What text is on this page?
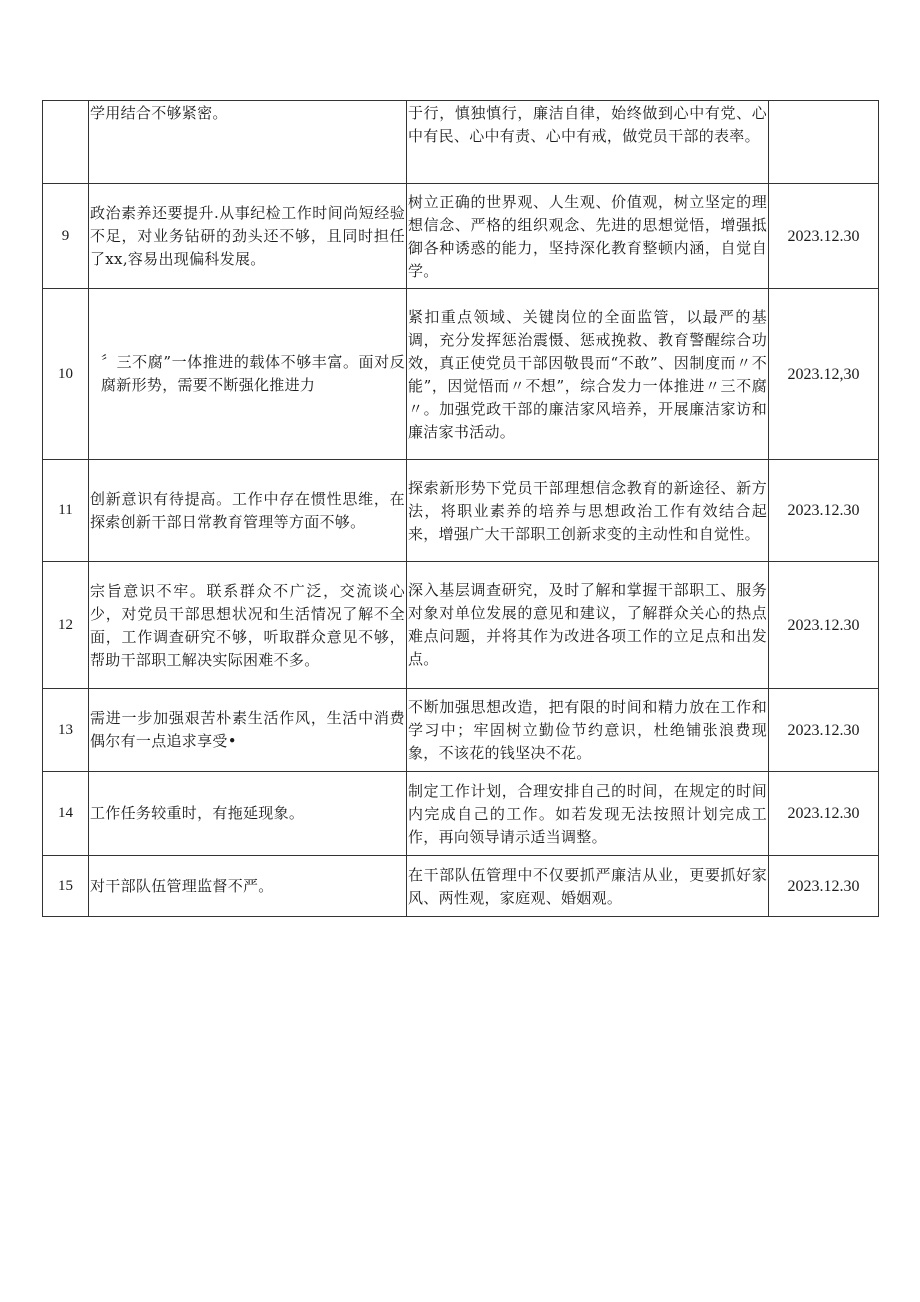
	学用结合不够紧密。	于行，慎独慎行，廉洁自律，始终做到心中有党、心中有民、心中有责、心中有戒，做党员干部的表率。	

9	政治素养还要提升.从事纪检工作时间尚短经验不足，对业务钻研的劲头还不够，且同时担任了xx,容易出现偏科发展。	树立正确的世界观、人生观、价值观，树立坚定的理想信念、严格的组织观念、先进的思想觉悟，增强抵御各种诱惑的能力，坚持深化教育整顿内涵，自觉自学。	2023.12.30
10	〞三不腐”一体推进的载体不够丰富。面对反腐新形势，需要不断强化推进力	紧扣重点领域、关键岗位的全面监管，以最严的基调，充分发挥惩治震慑、惩戒挽救、教育警醒综合功效，真正使党员干部因敬畏而“不敢”、因制度而〃不能”，因觉悟而〃不想”，综合发力一体推进〃三不腐〃。加强党政干部的廉洁家风培养，开展廉洁家访和廉洁家书活动。	2023.12,30
11	创新意识有待提高。工作中存在惯性思维，在探索创新干部日常教育管理等方面不够。	探索新形势下党员干部理想信念教育的新途径、新方法，将职业素养的培养与思想政治工作有效结合起来，增强广大干部职工创新求变的主动性和自觉性。	2023.12.30
12	宗旨意识不牢。联系群众不广泛，交流谈心少，对党员干部思想状况和生活情况了解不全面，工作调查研究不够，听取群众意见不够，帮助干部职工解决实际困难不多。	深入基层调查研究，及时了解和掌握干部职工、服务对象对单位发展的意见和建议，了解群众关心的热点难点问题，并将其作为改进各项工作的立足点和出发点。	2023.12.30
13	需进一步加强艰苦朴素生活作风，生活中消费偶尔有一点追求享受•	不断加强思想改造，把有限的时间和精力放在工作和学习中；牢固树立勤俭节约意识，杜绝铺张浪费现象，不该花的钱坚决不花。	2023.12.30
14	工作任务较重时，有拖延现象。	制定工作计划，合理安排自己的时间，在规定的时间内完成自己的工作。如若发现无法按照计划完成工作，再向领导请示适当调整。	2023.12.30
15	对干部队伍管理监督不严。	在干部队伍管理中不仅要抓严廉洁从业，更要抓好家风、两性观，家庭观、婚姻观。	2023.12.30
